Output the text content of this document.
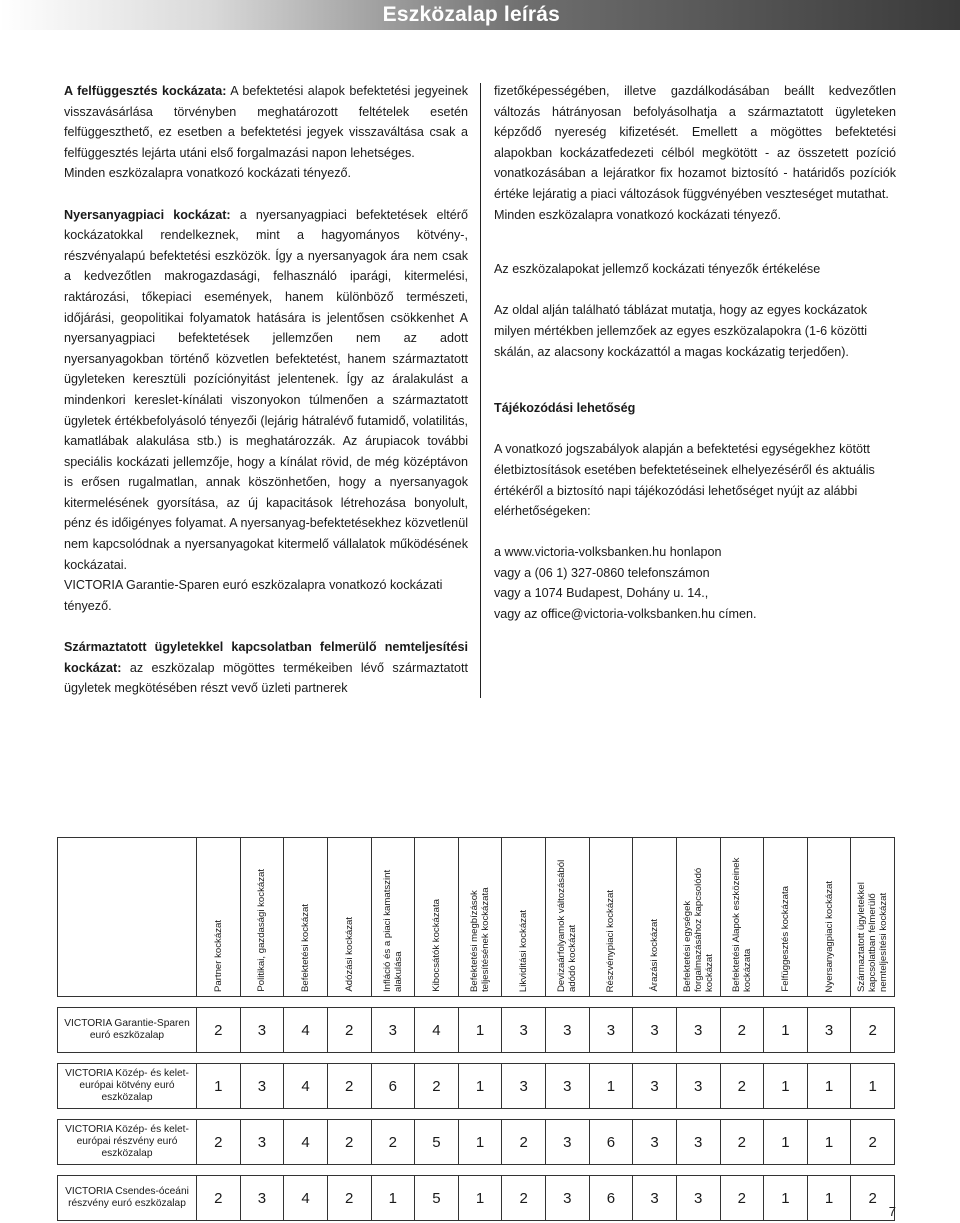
Eszközalap leírás

A felfüggesztés kockázata: A befektetési alapok befektetési jegyeinek visszavásárlása törvényben meghatározott feltételek esetén felfüggeszthető, ez esetben a befektetési jegyek visszaváltása csak a felfüggesztés lejárta utáni első forgalmazási napon lehetséges.

Minden eszközalapra vonatkozó kockázati tényező.

Nyersanyagpiaci kockázat: a nyersanyagpiaci befektetések eltérő kockázatokkal rendelkeznek, mint a hagyományos kötvény-, részvényalapú befektetési eszközök. Így a nyersanyagok ára nem csak a kedvezőtlen makrogazdasági, felhasználó iparági, kitermelési, raktározási, tőkepiaci események, hanem különböző természeti, időjárási, geopolitikai folyamatok hatására is jelentősen csökkenhet A nyersanyagpiaci befektetések jellemzően nem az adott nyersanyagokban történő közvetlen befektetést, hanem származtatott ügyleteken keresztüli pozíciónyitást jelentenek. Így az áralakulást a mindenkori kereslet-kínálati viszonyokon túlmenően a származtatott ügyletek értékbefolyásoló tényezői (lejárig hátralévő futamidő, volatilitás, kamatlábak alakulása stb.) is meghatározzák. Az árupiacok további speciális kockázati jellemzője, hogy a kínálat rövid, de még középtávon is erősen rugalmatlan, annak köszönhetően, hogy a nyersanyagok kitermelésének gyorsítása, az új kapacitások létrehozása bonyolult, pénz és időigényes folyamat. A nyersanyag-befektetésekhez közvetlenül nem kapcsolódnak a nyersanyagokat kitermelő vállalatok működésének kockázatai.

VICTORIA Garantie-Sparen euró eszközalapra vonatkozó kockázati tényező.

Származtatott ügyletekkel kapcsolatban felmerülő nemteljesítési kockázat: az eszközalap mögöttes termékeiben lévő származtatott ügyletek megkötésében részt vevő üzleti partnerek

fizetőképességében, illetve gazdálkodásában beállt kedvezőtlen változás hátrányosan befolyásolhatja a származtatott ügyleteken képződő nyereség kifizetését. Emellett a mögöttes befektetési alapokban kockázatfedezeti célból megkötött - az összetett pozíció vonatkozásában a lejáratkor fix hozamot biztosító - határidős pozíciók értéke lejáratig a piaci változások függvényében veszteséget mutathat.

Minden eszközalapra vonatkozó kockázati tényező.

Az eszközalapokat jellemző kockázati tényezők értékelése

Az oldal alján található táblázat mutatja, hogy az egyes kockázatok milyen mértékben jellemzőek az egyes eszközalapokra (1-6 közötti skálán, az alacsony kockázattól a magas kockázatig terjedően).

Tájékozódási lehetőség

A vonatkozó jogszabályok alapján a befektetési egységekhez kötött életbiztosítások esetében befektetéseinek elhelyezéséről és aktuális értékéről a biztosító napi tájékozódási lehetőséget nyújt az alábbi elérhetőségeken:

a www.victoria-volksbanken.hu honlapon

vagy a (06 1) 327-0860 telefonszámon

vagy a 1074 Budapest, Dohány u. 14.,

vagy az office@victoria-volksbanken.hu címen.

	Partner kockázat	Politikai, gazdasági kockázat	Befektetési kockázat	Adózási kockázat	Infláció és a piaci kamatszint alakulása	Kibocsátók kockázata	Befektetési megbízások teljesítésének kockázata	Likviditási kockázat	Devizaárfolyamok változásából adódó kockázat	Részvénypiaci kockázat	Árazási kockázat	Befektetési egységek forgalmazásához kapcsolódó kockázat	Befektetési Alapok eszközeinek kockázata	Felfüggesztés kockázata	Nyersanyagpiaci kockázat	Származtatott ügyletekkel kapcsolatban felmerülő nemteljesítési kockázat

VICTORIA Garantie-Sparen euró eszközalap	2	3	4	2	3	4	1	3	3	3	3	3	2	1	3	2

VICTORIA Közép- és kelet-európai kötvény euró eszközalap	1	3	4	2	6	2	1	3	3	1	3	3	2	1	1	1

VICTORIA Közép- és kelet-európai részvény euró eszközalap	2	3	4	2	2	5	1	2	3	6	3	3	2	1	1	2

VICTORIA Csendes-óceáni részvény euró eszközalap	2	3	4	2	1	5	1	2	3	6	3	3	2	1	1	2
7
